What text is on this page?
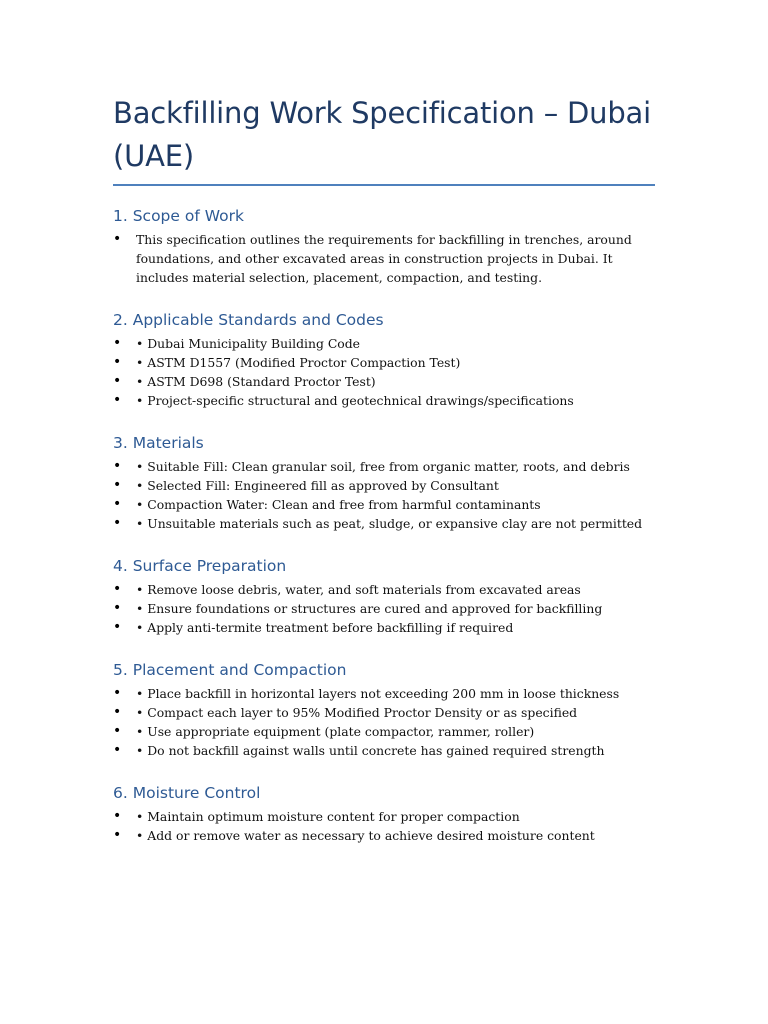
Backfilling Work Specification – Dubai (UAE)
1. Scope of Work
• This specification outlines the requirements for backfilling in trenches, around foundations, and other excavated areas in construction projects in Dubai. It includes material selection, placement, compaction, and testing.
2. Applicable Standards and Codes
• • Dubai Municipality Building Code
• • ASTM D1557 (Modified Proctor Compaction Test)
• • ASTM D698 (Standard Proctor Test)
• • Project-specific structural and geotechnical drawings/specifications
3. Materials
• • Suitable Fill: Clean granular soil, free from organic matter, roots, and debris
• • Selected Fill: Engineered fill as approved by Consultant
• • Compaction Water: Clean and free from harmful contaminants
• • Unsuitable materials such as peat, sludge, or expansive clay are not permitted
4. Surface Preparation
• • Remove loose debris, water, and soft materials from excavated areas
• • Ensure foundations or structures are cured and approved for backfilling
• • Apply anti-termite treatment before backfilling if required
5. Placement and Compaction
• • Place backfill in horizontal layers not exceeding 200 mm in loose thickness
• • Compact each layer to 95% Modified Proctor Density or as specified
• • Use appropriate equipment (plate compactor, rammer, roller)
• • Do not backfill against walls until concrete has gained required strength
6. Moisture Control
• • Maintain optimum moisture content for proper compaction
• • Add or remove water as necessary to achieve desired moisture content
